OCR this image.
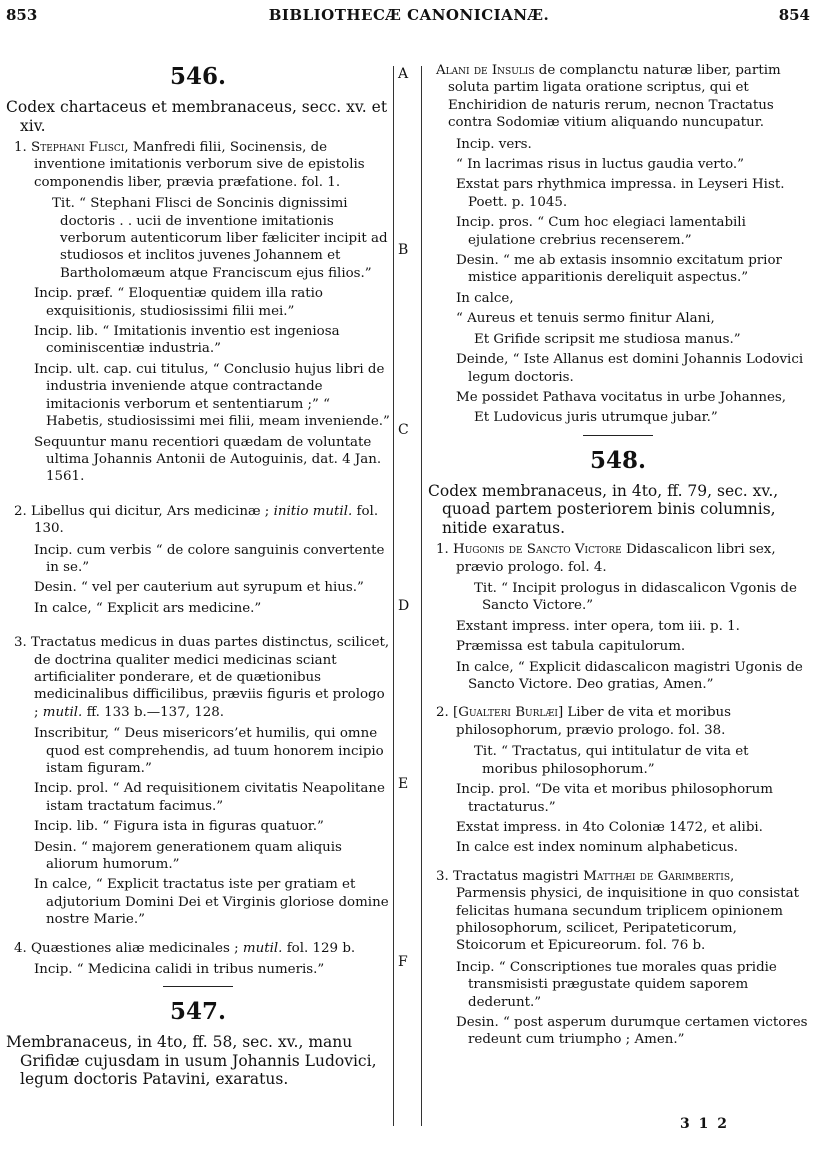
853	BIBLIOTHECÆ CANONICIANÆ.	854
A
B
C
D
E
F
546.
Codex chartaceus et membranaceus, secc. xv. et xiv.
1. Stephani Flisci, Manfredi filii, Socinensis, de inventione imitationis verborum sive de epistolis componendis liber, prævia præfatione. fol. 1.
Tit. “ Stephani Flisci de Soncinis dignissimi doctoris . . ucii de inventione imitationis verborum autenticorum liber fæliciter incipit ad studiosos et inclitos juvenes Johannem et Bartholomæum atque Franciscum ejus filios.”
Incip. præf. “ Eloquentiæ quidem illa ratio exquisitionis, studiosissimi filii mei.”
Incip. lib. “ Imitationis inventio est ingeniosa cominiscentiæ industria.”
Incip. ult. cap. cui titulus, “ Conclusio hujus libri de industria inveniende atque contractande imitacionis verborum et sententiarum ;” “ Habetis, studiosissimi mei filii, meam inveniende.”
Sequuntur manu recentiori quædam de voluntate ultima Johannis Antonii de Autoguinis, dat. 4 Jan. 1561.
2. Libellus qui dicitur, Ars medicinæ ; initio mutil. fol. 130.
Incip. cum verbis “ de colore sanguinis convertente in se.”
Desin. “ vel per cauterium aut syrupum et hius.”
In calce, “ Explicit ars medicine.”
3. Tractatus medicus in duas partes distinctus, scilicet, de doctrina qualiter medici medicinas sciant artificialiter ponderare, et de quætionibus medicinalibus difficilibus, præviis figuris et prologo ; mutil. ff. 133 b.—137, 128.
Inscribitur, “ Deus misericors’et humilis, qui omne quod est comprehendis, ad tuum honorem incipio istam figuram.”
Incip. prol. “ Ad requisitionem civitatis Neapolitane istam tractatum facimus.”
Incip. lib. “ Figura ista in figuras quatuor.”
Desin. “ majorem generationem quam aliquis aliorum humorum.”
In calce, “ Explicit tractatus iste per gratiam et adjutorium Domini Dei et Virginis gloriose domine nostre Marie.”
4. Quæstiones aliæ medicinales ; mutil. fol. 129 b.
Incip. “ Medicina calidi in tribus numeris.”
547.
Membranaceus, in 4to, ff. 58, sec. xv., manu Grifidæ cujusdam in usum Johannis Ludovici, legum doctoris Patavini, exaratus.
Alani de Insulis de complanctu naturæ liber, partim soluta partim ligata oratione scriptus, qui et Enchiridion de naturis rerum, necnon Tractatus contra Sodomiæ vitium aliquando nuncupatur.
Incip. vers.
“ In lacrimas risus in luctus gaudia verto.”
Exstat pars rhythmica impressa. in Leyseri Hist. Poett. p. 1045.
Incip. pros. “ Cum hoc elegiaci lamentabili ejulatione crebrius recenserem.”
Desin. “ me ab extasis insomnio excitatum prior mistice apparitionis dereliquit aspectus.”
In calce,
“ Aureus et tenuis sermo finitur Alani,
Et Grifide scripsit me studiosa manus.”
Deinde, “ Iste Allanus est domini Johannis Lodovici legum doctoris.
Me possidet Pathava vocitatus in urbe Johannes,
Et Ludovicus juris utrumque jubar.”
548.
Codex membranaceus, in 4to, ff. 79, sec. xv., quoad partem posteriorem binis columnis, nitide exaratus.
1. Hugonis de Sancto Victore Didascalicon libri sex, prævio prologo. fol. 4.
Tit. “ Incipit prologus in didascalicon Vgonis de Sancto Victore.”
Exstant impress. inter opera, tom iii. p. 1.
Præmissa est tabula capitulorum.
In calce, “ Explicit didascalicon magistri Ugonis de Sancto Victore. Deo gratias, Amen.”
2. [Gualteri Burlæi] Liber de vita et moribus philosophorum, prævio prologo. fol. 38.
Tit. “ Tractatus, qui intitulatur de vita et moribus philosophorum.”
Incip. prol. “De vita et moribus philosophorum tractaturus.”
Exstat impress. in 4to Coloniæ 1472, et alibi.
In calce est index nominum alphabeticus.
3. Tractatus magistri Matthæi de Garimbertis, Parmensis physici, de inquisitione in quo consistat felicitas humana secundum triplicem opinionem philosophorum, scilicet, Peripateticorum, Stoicorum et Epicureorum. fol. 76 b.
Incip. “ Conscriptiones tue morales quas pridie transmisisti prægustate quidem saporem dederunt.”
Desin. “ post asperum durumque certamen victores redeunt cum triumpho ; Amen.”
3 1 2
